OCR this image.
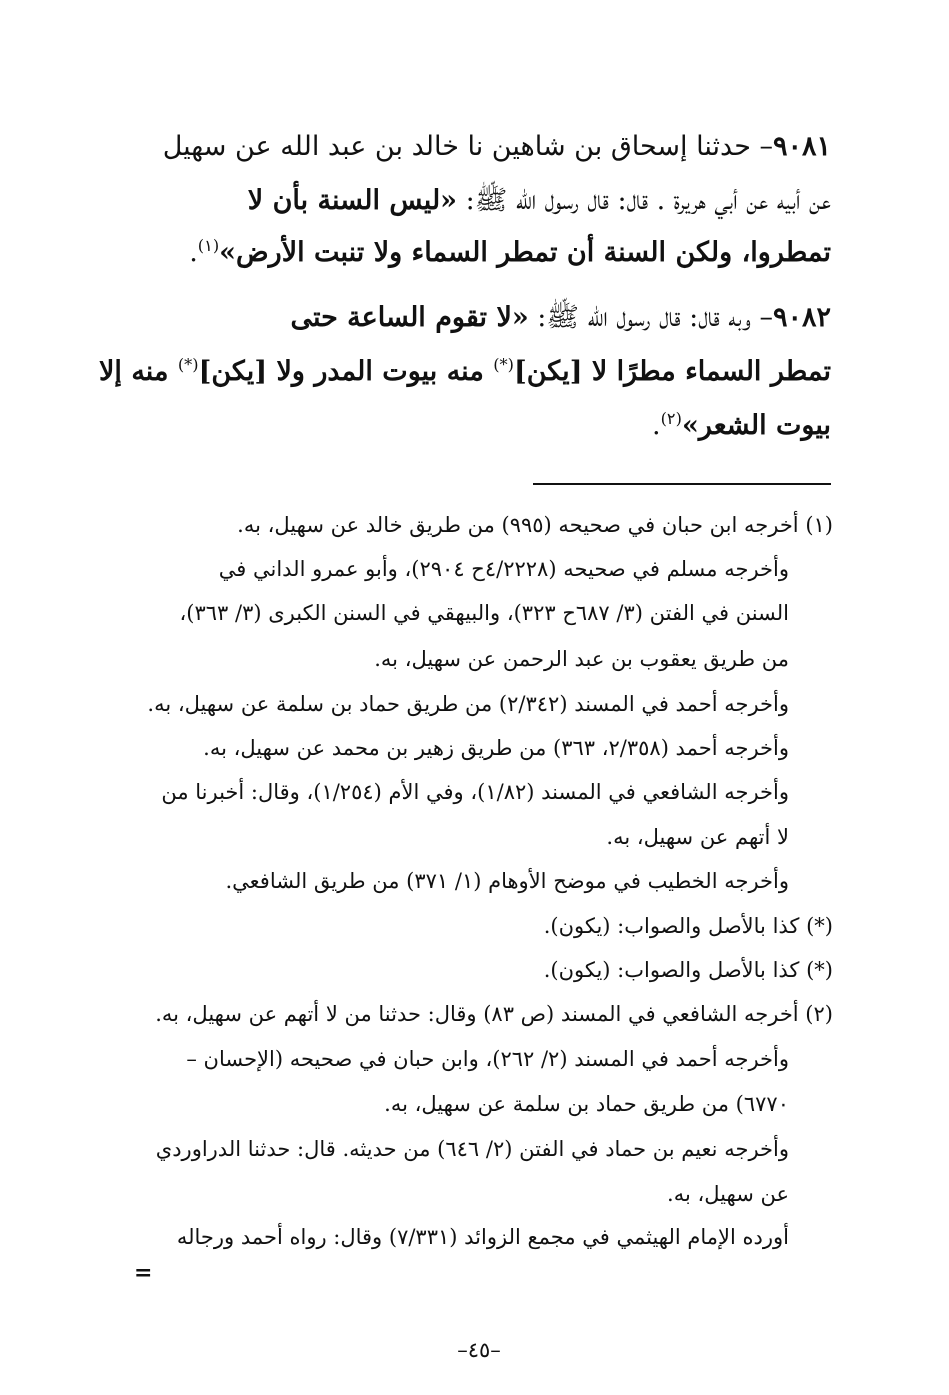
٩٠٨١– حدثنا إسحاق بن شاهين نا خالد بن عبد الله عن سهيل
عن أبيه عن أبي هريرة . قال: قال رسول الله ﷺ: «ليس السنة بأن لا
تمطروا، ولكن السنة أن تمطر السماء ولا تنبت الأرض»$^{(١)}$.
٩٠٨٢– وبه قال: قال رسول الله ﷺ: «لا تقوم الساعة حتى
تمطر السماء مطرًا لا [يكن](*) منه بيوت المدر ولا [يكن](*) منه إلا
بيوت الشعر»$^{(٢)}$.
(١) أخرجه ابن حبان في صحيحه (٩٩٥) من طريق خالد عن سهيل، به.
وأخرجه مسلم في صحيحه (٤/٢٢٢٨ح ٢٩٠٤)، وأبو عمرو الداني في
السنن في الفتن (٣/ ٦٨٧ح ٣٢٣)، والبيهقي في السنن الكبرى (٣/ ٣٦٣)،
من طريق يعقوب بن عبد الرحمن عن سهيل، به.
وأخرجه أحمد في المسند (٢/٣٤٢) من طريق حماد بن سلمة عن سهيل، به.
وأخرجه أحمد (٢/٣٥٨، ٣٦٣) من طريق زهير بن محمد عن سهيل، به.
وأخرجه الشافعي في المسند (١/٨٢)، وفي الأم (١/٢٥٤)، وقال: أخبرنا من
لا أتهم عن سهيل، به.
وأخرجه الخطيب في موضح الأوهام (١/ ٣٧١) من طريق الشافعي.
(*) كذا بالأصل والصواب: (يكون).
(*) كذا بالأصل والصواب: (يكون).
(٢) أخرجه الشافعي في المسند (ص ٨٣) وقال: حدثنا من لا أتهم عن سهيل، به.
وأخرجه أحمد في المسند (٢/ ٢٦٢)، وابن حبان في صحيحه (الإحسان –
٦٧٧٠) من طريق حماد بن سلمة عن سهيل، به.
وأخرجه نعيم بن حماد في الفتن (٢/ ٦٤٦) من حديثه. قال: حدثنا الدراوردي
عن سهيل، به.
أورده الإمام الهيثمي في مجمع الزوائد (٧/٣٣١) وقال: رواه أحمد ورجاله
=
–٤٥–
